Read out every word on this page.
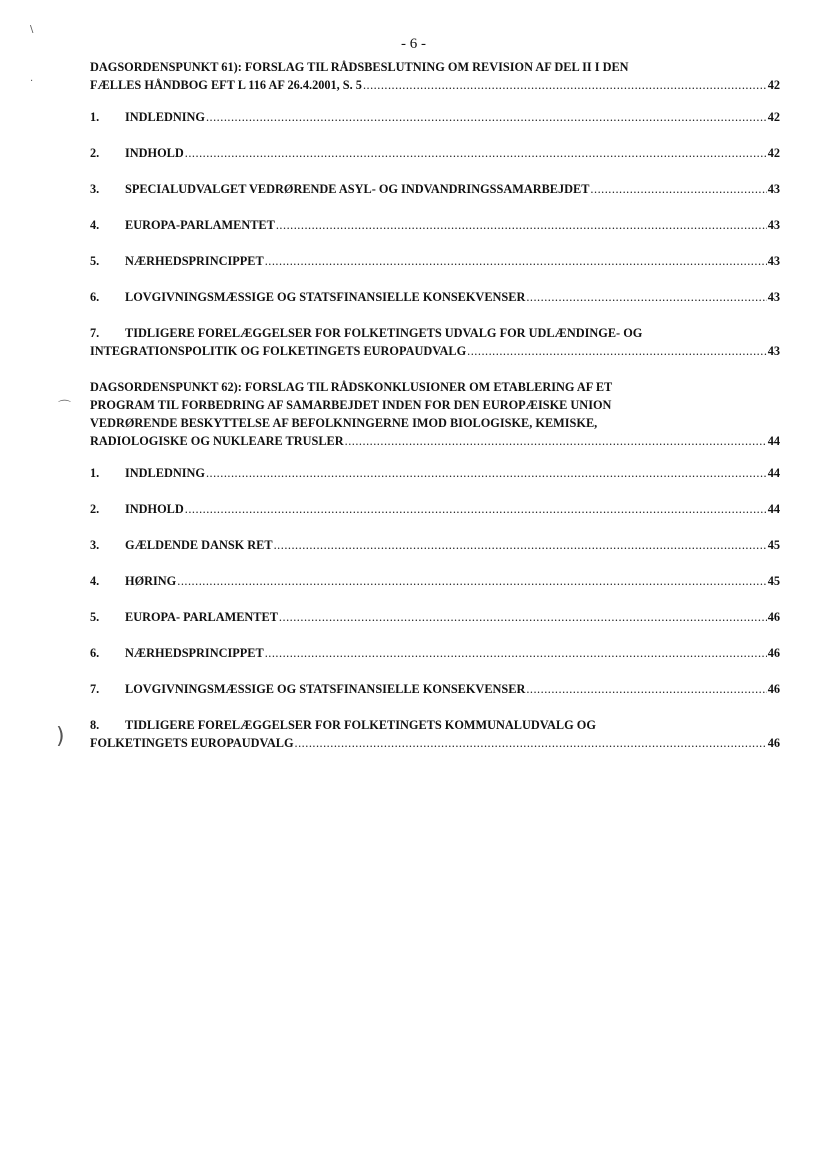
- 6 -
\
·
⌒
)
DAGSORDENSPUNKT 61): FORSLAG TIL RÅDSBESLUTNING OM REVISION AF DEL II I DEN
FÆLLES HÅNDBOG EFT L 116 AF 26.4.2001, S. 5 .....	42
1. INDLEDNING .....	42
2. INDHOLD .....	42
3. SPECIALUDVALGET VEDRØRENDE ASYL- OG INDVANDRINGSSAMARBEJDET .....	43
4. EUROPA-PARLAMENTET .....	43
5. NÆRHEDSPRINCIPPET .....	43
6. LOVGIVNINGSMÆSSIGE OG STATSFINANSIELLE KONSEKVENSER .....	43
7. TIDLIGERE FORELÆGGELSER FOR FOLKETINGETS UDVALG FOR UDLÆNDINGE- OG
INTEGRATIONSPOLITIK OG FOLKETINGETS EUROPAUDVALG .....	43
DAGSORDENSPUNKT 62): FORSLAG TIL RÅDSKONKLUSIONER OM ETABLERING AF ET
PROGRAM TIL FORBEDRING AF SAMARBEJDET INDEN FOR DEN EUROPÆISKE UNION
VEDRØRENDE BESKYTTELSE AF BEFOLKNINGERNE IMOD BIOLOGISKE, KEMISKE,
RADIOLOGISKE OG NUKLEARE TRUSLER .....	44
1. INDLEDNING .....	44
2. INDHOLD .....	44
3. GÆLDENDE DANSK RET .....	45
4. HØRING .....	45
5. EUROPA- PARLAMENTET .....	46
6. NÆRHEDSPRINCIPPET .....	46
7. LOVGIVNINGSMÆSSIGE OG STATSFINANSIELLE KONSEKVENSER .....	46
8. TIDLIGERE FORELÆGGELSER FOR FOLKETINGETS KOMMUNALUDVALG OG
FOLKETINGETS EUROPAUDVALG .....	46
